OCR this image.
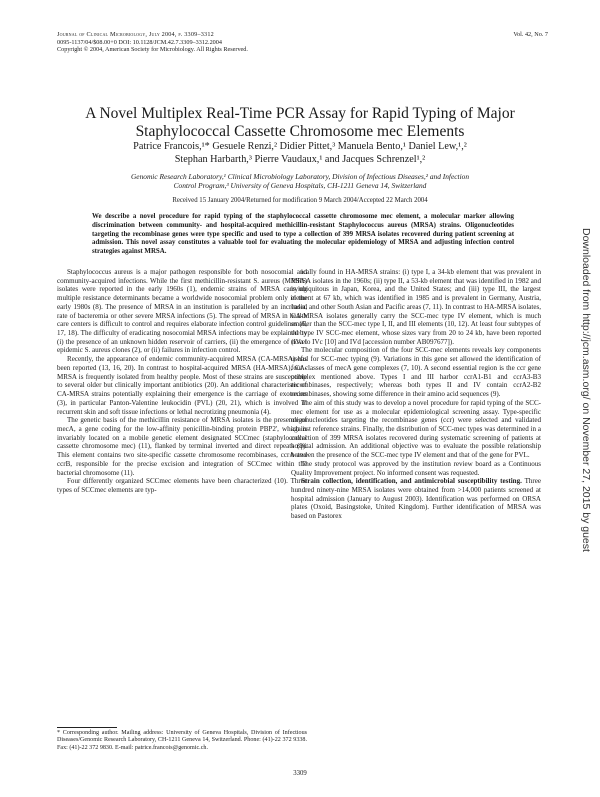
Journal of Clinical Microbiology, July 2004, p. 3309–3312
0095-1137/04/$08.00+0 DOI: 10.1128/JCM.42.7.3309–3312.2004
Copyright © 2004, American Society for Microbiology. All Rights Reserved.
Vol. 42, No. 7
A Novel Multiplex Real-Time PCR Assay for Rapid Typing of Major
Staphylococcal Cassette Chromosome mec Elements
Patrice Francois,¹* Gesuele Renzi,² Didier Pittet,³ Manuela Bento,¹ Daniel Lew,¹,²
Stephan Harbarth,³ Pierre Vaudaux,¹ and Jacques Schrenzel¹,²
Genomic Research Laboratory,¹ Clinical Microbiology Laboratory, Division of Infectious Diseases,² and Infection
Control Program,³ University of Geneva Hospitals, CH-1211 Geneva 14, Switzerland
Received 15 January 2004/Returned for modification 9 March 2004/Accepted 22 March 2004
We describe a novel procedure for rapid typing of the staphylococcal cassette chromosome mec element, a molecular marker allowing discrimination between community- and hospital-acquired methicillin-resistant Staphylococcus aureus (MRSA) strains. Oligonucleotides targeting the recombinase genes were type specific and used to type a collection of 399 MRSA isolates recovered during patient screening at admission. This novel assay constitutes a valuable tool for evaluating the molecular epidemiology of MRSA and adjusting infection control strategies against MRSA.

Staphylococcus aureus is a major pathogen responsible for both nosocomial and community-acquired infections. While the first methicillin-resistant S. aureus (MRSA) isolates were reported in the early 1960s (1), endemic strains of MRSA carrying multiple resistance determinants became a worldwide nosocomial problem only in the early 1980s (8). The presence of MRSA in an institution is paralleled by an increased rate of bacteremia or other severe MRSA infections (5). The spread of MRSA in health care centers is difficult to control and requires elaborate infection control guidelines (6, 17, 18). The difficulty of eradicating nosocomial MRSA infections may be explained by (i) the presence of an unknown hidden reservoir of carriers, (ii) the emergence of novel epidemic S. aureus clones (2), or (ii) failures in infection control.

Recently, the appearance of endemic community-acquired MRSA (CA-MRSA) has been reported (13, 16, 20). In contrast to hospital-acquired MRSA (HA-MRSA), CA-MRSA is frequently isolated from healthy people. Most of these strains are susceptible to several older but clinically important antibiotics (20). An additional characteristic of CA-MRSA strains potentially explaining their emergence is the carriage of exotoxins (3), in particular Panton-Valentine leukocidin (PVL) (20, 21), which is involved in recurrent skin and soft tissue infections or lethal necrotizing pneumonia (4).

The genetic basis of the methicillin resistance of MRSA isolates is the presence of mecA, a gene coding for the low-affinity penicillin-binding protein PBP2', which is invariably located on a mobile genetic element designated SCCmec (staphylococcal cassette chromosome mec) (11), flanked by terminal inverted and direct repeats (9). This element contains two site-specific cassette chromosome recombinases, ccrA and ccrB, responsible for the precise excision and integration of SCCmec within the bacterial chromosome (11).

Four differently organized SCCmec elements have been characterized (10). Three types of SCCmec elements are typ-

* Corresponding author. Mailing address: University of Geneva Hospitals, Division of Infectious Diseases/Genomic Research Laboratory, CH-1211 Geneva 14, Switzerland. Phone: (41)-22 372 9338. Fax: (41)-22 372 9830. E-mail: patrice.francois@genomic.ch.

ically found in HA-MRSA strains: (i) type I, a 34-kb element that was prevalent in MRSA isolates in the 1960s; (ii) type II, a 53-kb element that was identified in 1982 and is ubiquitous in Japan, Korea, and the United States; and (iii) type III, the largest element at 67 kb, which was identified in 1985 and is prevalent in Germany, Austria, India, and other South Asian and Pacific areas (7, 11). In contrast to HA-MRSA isolates, CA-MRSA isolates generally carry the SCC-mec type IV element, which is much smaller than the SCC-mec type I, II, and III elements (10, 12). At least four subtypes of the type IV SCC-mec element, whose sizes vary from 20 to 24 kb, have been reported (IVa to IVc [10] and IVd [accession number AB097677]).

The molecular composition of the four SCC-mec elements reveals key components useful for SCC-mec typing (9). Variations in this gene set allowed the identification of four classes of mecA gene complexes (7, 10). A second essential region is the ccr gene complex mentioned above. Types I and III harbor ccrA1-B1 and ccrA3-B3 recombinases, respectively; whereas both types II and IV contain ccrA2-B2 recombinases, showing some difference in their amino acid sequences (9).

The aim of this study was to develop a novel procedure for rapid typing of the SCC-mec element for use as a molecular epidemiological screening assay. Type-specific oligonucleotides targeting the recombinase genes (ccr) were selected and validated against reference strains. Finally, the distribution of SCC-mec types was determined in a collection of 399 MRSA isolates recovered during systematic screening of patients at hospital admission. An additional objective was to evaluate the possible relationship between the presence of the SCC-mec type IV element and that of the gene for PVL.

The study protocol was approved by the institution review board as a Continuous Quality Improvement project. No informed consent was requested.

Strain collection, identification, and antimicrobial susceptibility testing. Three hundred ninety-nine MRSA isolates were obtained from >14,000 patients screened at hospital admission (January to August 2003). Identification was performed on ORSA plates (Oxoid, Basingstoke, United Kingdom). Further identification of MRSA was based on Pastorex

3309
Downloaded from http://jcm.asm.org/ on November 27, 2015 by guest
